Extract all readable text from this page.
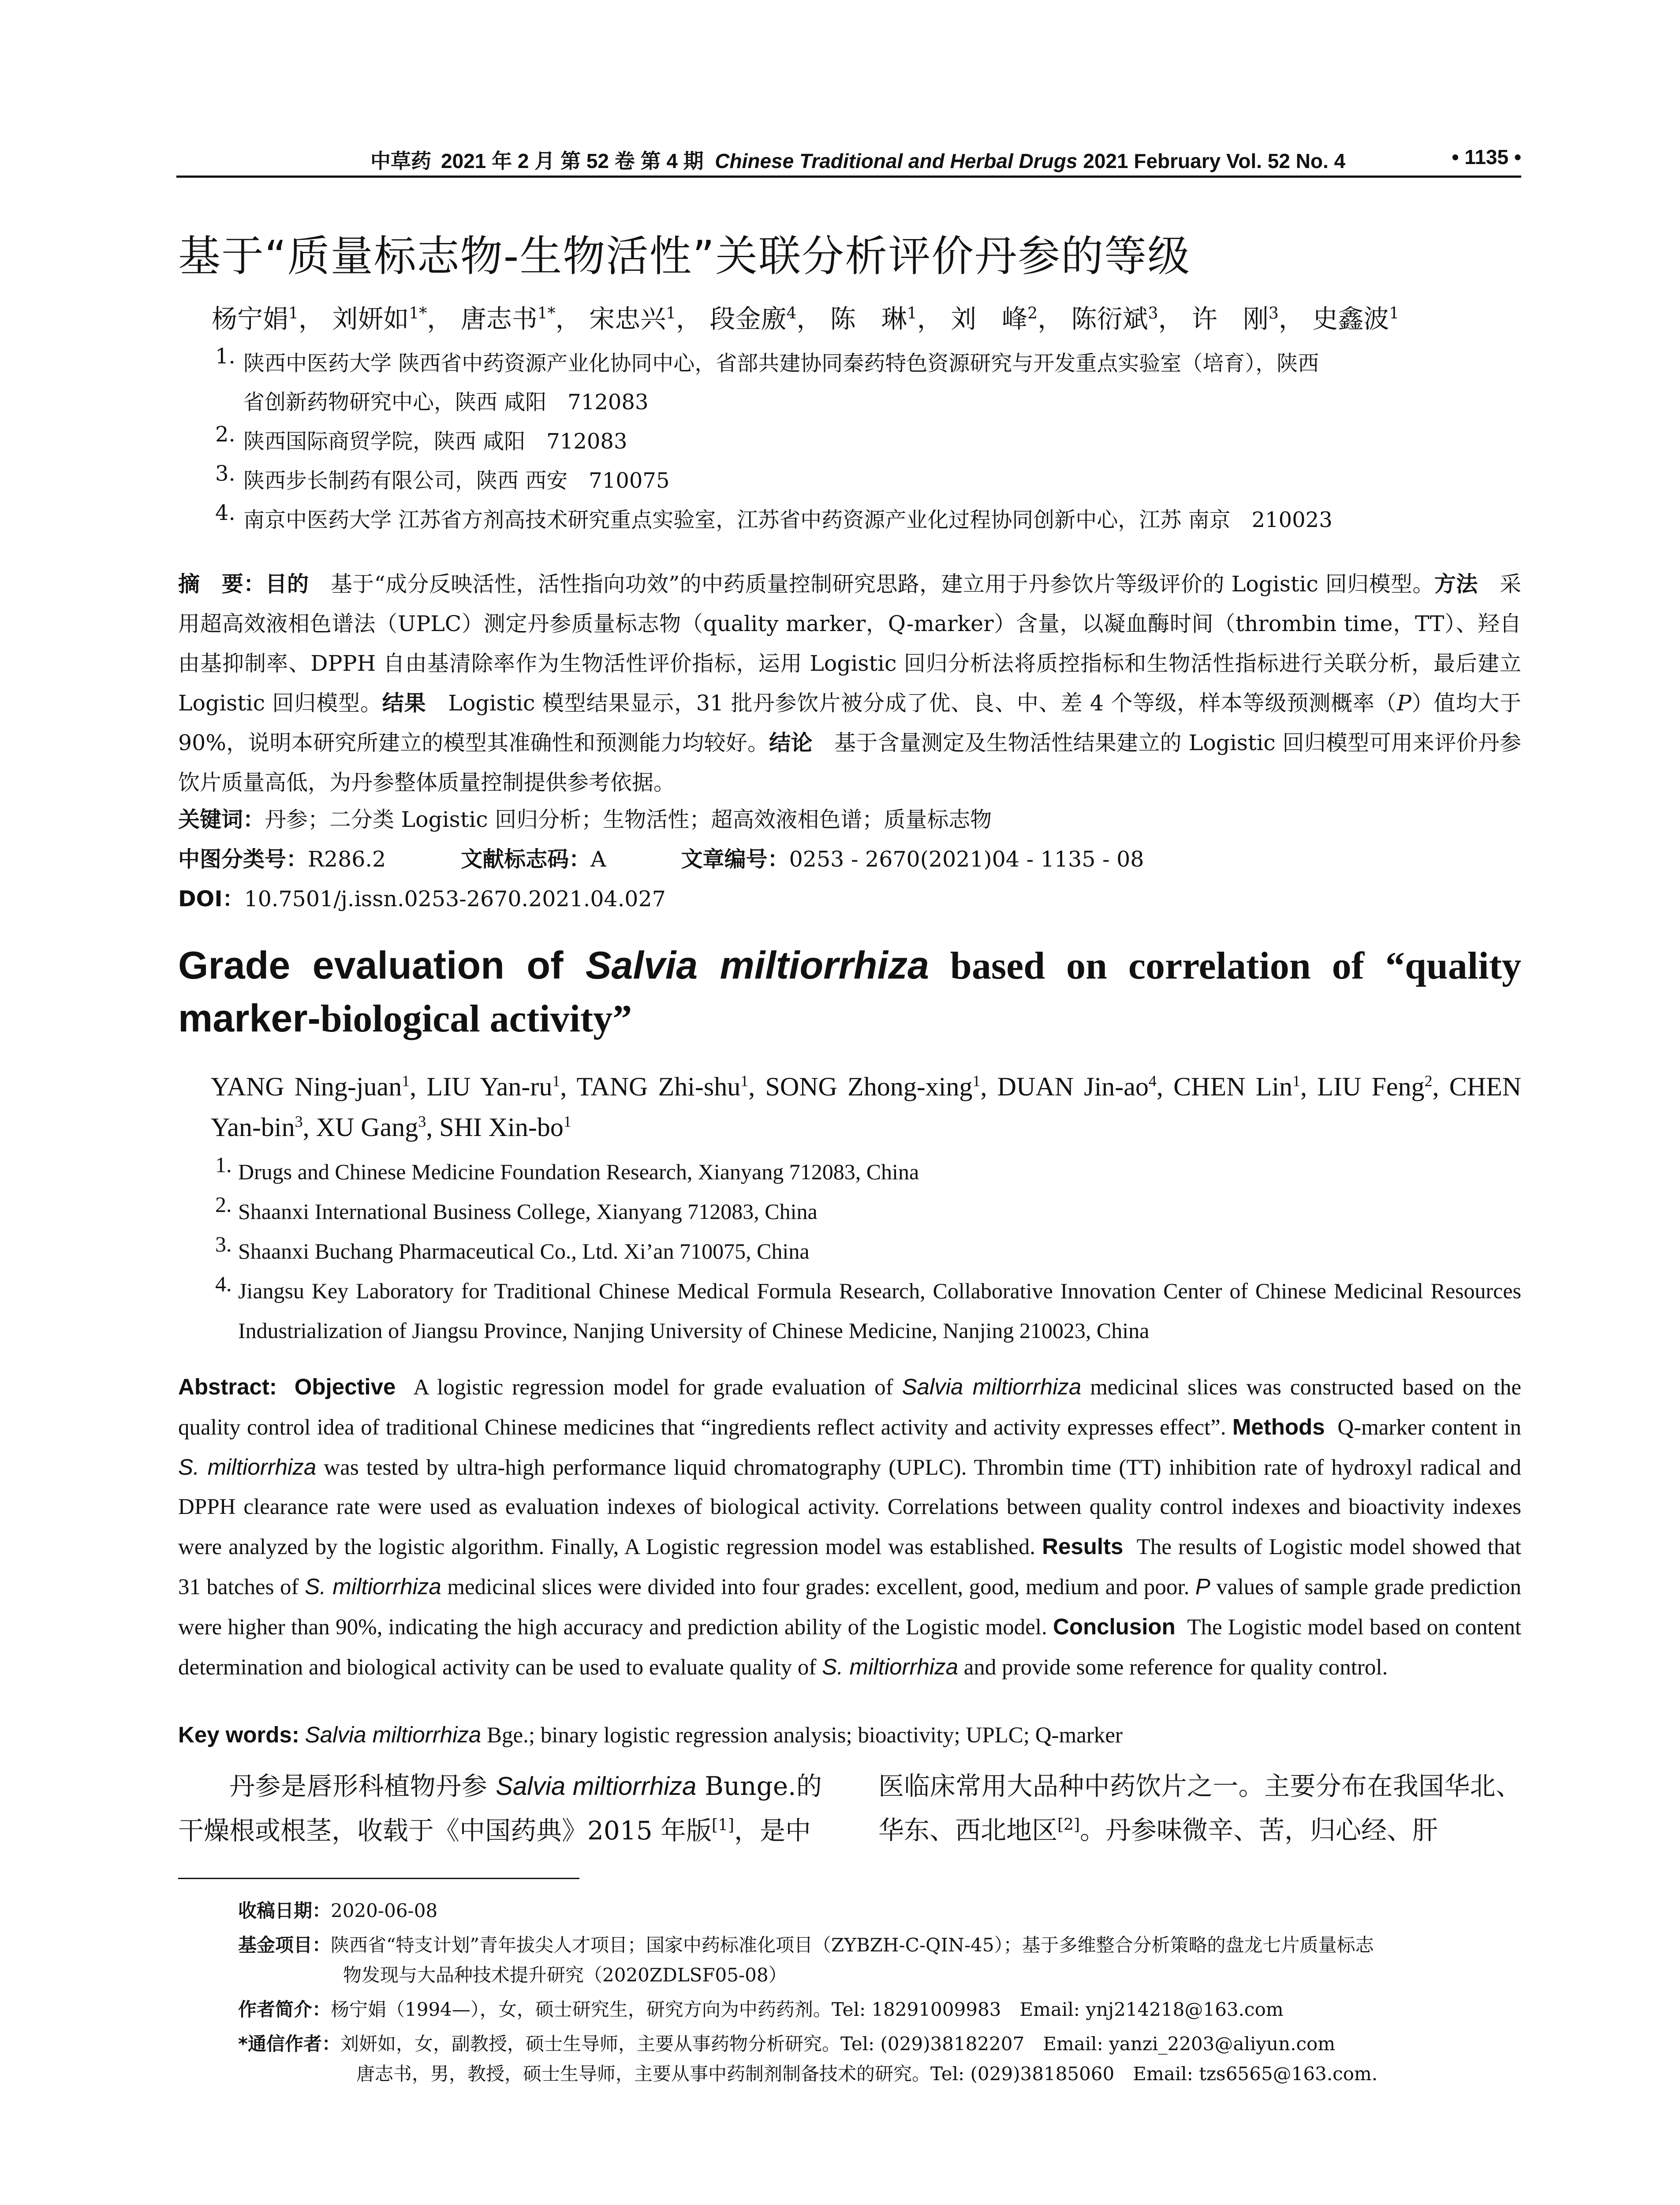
中草药 2021 年 2 月 第 52 卷 第 4 期 Chinese Traditional and Herbal Drugs 2021 February Vol. 52 No. 4	• 1135 •
基于“质量标志物-生物活性”关联分析评价丹参的等级
杨宁娟$^1$， 刘妍如$^{1*}$， 唐志书$^{1*}$， 宋忠兴$^1$， 段金廒$^4$， 陈　琳$^1$， 刘　峰$^2$， 陈衍斌$^3$， 许　刚$^3$， 史鑫波$^1$
1. 陕西中医药大学 陕西省中药资源产业化协同中心，省部共建协同秦药特色资源研究与开发重点实验室（培育），陕西
省创新药物研究中心，陕西 咸阳　712083
2. 陕西国际商贸学院，陕西 咸阳　712083
3. 陕西步长制药有限公司，陕西 西安　710075
4. 南京中医药大学 江苏省方剂高技术研究重点实验室，江苏省中药资源产业化过程协同创新中心，江苏 南京　210023
摘　要：目的　 基于“成分反映活性，活性指向功效”的中药质量控制研究思路，建立用于丹参饮片等级评价的 Logistic 回归模型。方法　 采用超高效液相色谱法（UPLC）测定丹参质量标志物（quality marker，Q-marker）含量，以凝血酶时间（thrombin time，TT）、羟自由基抑制率、DPPH 自由基清除率作为生物活性评价指标，运用 Logistic 回归分析法将质控指标和生物活性指标进行关联分析，最后建立 Logistic 回归模型。结果　 Logistic 模型结果显示，31 批丹参饮片被分成了优、良、中、差 4 个等级，样本等级预测概率（P）值均大于 90%，说明本研究所建立的模型其准确性和预测能力均较好。结论　 基于含量测定及生物活性结果建立的 Logistic 回归模型可用来评价丹参饮片质量高低，为丹参整体质量控制提供参考依据。
关键词：丹参；二分类 Logistic 回归分析；生物活性；超高效液相色谱；质量标志物
中图分类号：R286.2	文献标志码：A	文章编号：0253 - 2670(2021)04 - 1135 - 08
DOI：10.7501/j.issn.0253-2670.2021.04.027
Grade evaluation of Salvia miltiorrhiza based on correlation of “quality
marker-biological activity”
YANG Ning-juan$^1$, LIU Yan-$ru^1$, TANG Zhi-shu$^1$, SONG Zhong-xing$^1$, DUAN Jin-$ao^4$, CHEN Lin$^1$, LIU Feng$^2$, CHEN Yan-bin$^3$, XU Gang$^3$, SHI Xin-$bo^1$
1. Drugs and Chinese Medicine Foundation Research, Xianyang 712083, China
2. Shaanxi International Business College, Xianyang 712083, China
3. Shaanxi Buchang Pharmaceutical Co., Ltd. Xi’an 710075, China
4. Jiangsu Key Laboratory for Traditional Chinese Medical Formula Research, Collaborative Innovation Center of Chinese Medicinal Resources Industrialization of Jiangsu Province, Nanjing University of Chinese Medicine, Nanjing 210023, China
Abstract: Objective A logistic regression model for grade evaluation of Salvia miltiorrhiza medicinal slices was constructed based on the quality control idea of traditional Chinese medicines that “ingredients reflect activity and activity expresses effect”. Methods Q-marker content in S. miltiorrhiza was tested by ultra-high performance liquid chromatography (UPLC). Thrombin time (TT) inhibition rate of hydroxyl radical and DPPH clearance rate were used as evaluation indexes of biological activity. Correlations between quality control indexes and bioactivity indexes were analyzed by the logistic algorithm. Finally, A Logistic regression model was established. Results The results of Logistic model showed that 31 batches of S. miltiorrhiza medicinal slices were divided into four grades: excellent, good, medium and poor. P values of sample grade prediction were higher than 90%, indicating the high accuracy and prediction ability of the Logistic model. Conclusion The Logistic model based on content determination and biological activity can be used to evaluate quality of S. miltiorrhiza and provide some reference for quality control.
Key words: Salvia miltiorrhiza Bge.; binary logistic regression analysis; bioactivity; UPLC; Q-marker
丹参是唇形科植物丹参 Salvia miltiorrhiza Bunge.的干燥根或根茎，收载于《中国药典》2015 年版[1]，是中
医临床常用大品种中药饮片之一。主要分布在我国华北、华东、西北地区[2]。丹参味微辛、苦，归心经、肝
收稿日期：2020-06-08
基金项目：陕西省“特支计划”青年拔尖人才项目；国家中药标准化项目（ZYBZH-C-QIN-45）；基于多维整合分析策略的盘龙七片质量标志
物发现与大品种技术提升研究（2020ZDLSF05-08）
作者简介：杨宁娟（1994—），女，硕士研究生，研究方向为中药药剂。Tel: 18291009983　Email: ynj214218@163.com
*通信作者：刘妍如，女，副教授，硕士生导师，主要从事药物分析研究。Tel: (029)38182207　Email: yanzi_2203@aliyun.com
唐志书，男，教授，硕士生导师，主要从事中药制剂制备技术的研究。Tel: (029)38185060　Email: tzs6565@163.com.
